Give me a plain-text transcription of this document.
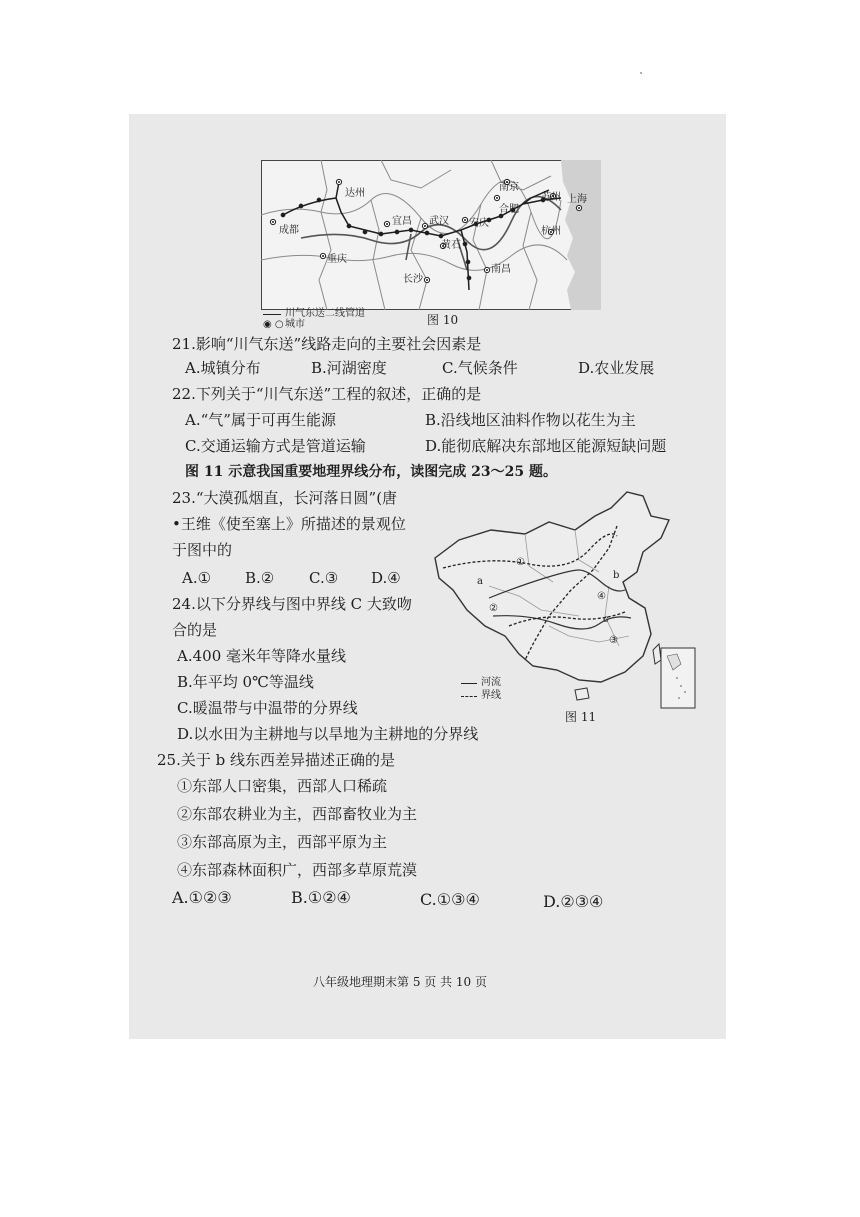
达州
成都
重庆
宜昌 武汉 安庆
黄石
南京
合肥
苏州 上海
杭州
长沙
南昌
川气东送二线管道
◉ ○ 城市	图 10
21.影响“川气东送”线路走向的主要社会因素是
A.城镇分布	B.河湖密度	C.气候条件	D.农业发展
22.下列关于“川气东送”工程的叙述，正确的是
A.“气”属于可再生能源	B.沿线地区油料作物以花生为主
C.交通运输方式是管道运输	D.能彻底解决东部地区能源短缺问题
图 11 示意我国重要地理界线分布，读图完成 23～25 题。
23.“大漠孤烟直，长河落日圆”(唐
•王维《使至塞上》所描述的景观位
于图中的
A.① B.② C.③ D.④
24.以下分界线与图中界线 C 大致吻
合的是
A.400 毫米年等降水量线
B.年平均 0℃等温线
C.暖温带与中温带的分界线
D.以水田为主耕地与以旱地为主耕地的分界线
①
②
③
④
a
b
c
河流
界线
图 11
25.关于 b 线东西差异描述正确的是
①东部人口密集，西部人口稀疏
②东部农耕业为主，西部畜牧业为主
③东部高原为主，西部平原为主
④东部森林面积广，西部多草原荒漠
A.①②③	B.①②④	C.①③④	D.②③④
八年级地理期末第 5 页 共 10 页
